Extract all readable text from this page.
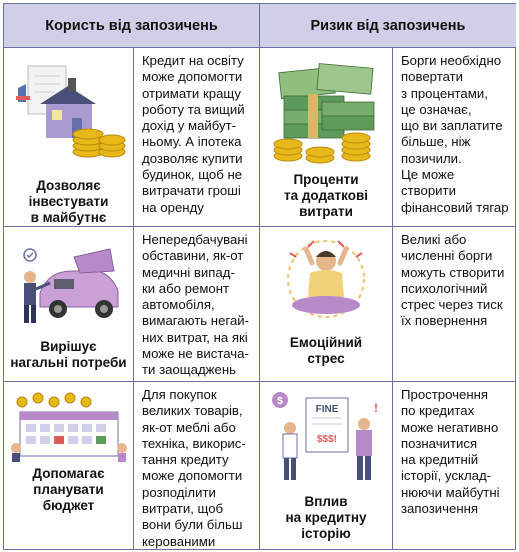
Користь від запозичень	Ризик від запозичень
Дозволяє
інвестувати
в майбутнє
Кредит на освіту
може допомогти
отримати кращу
роботу та вищий
дохід у майбут-
ньому. А іпотека
дозволяє купити
будинок, щоб не
витрачати гроші
на оренду
Проценти
та додаткові
витрати
Борги необхідно
повертати
з процентами,
це означає,
що ви заплатите
більше, ніж
позичили.
Це може створити
фінансовий тягар
Вирішує
нагальні потреби
Непередбачувані
обставини, як-от
медичні випад-
ки або ремонт
автомобіля,
вимагають негай-
них витрат, на які
може не вистача-
ти заощаджень
Емоційний
стрес
Великі або
численні борги
можуть створити
психологічний
стрес через тиск
їх повернення
Допомагає
планувати
бюджет
Для покупок
великих товарів,
як-от меблі або
техніка, викорис-
тання кредиту
може допомогти
розподілити
витрати, щоб
вони були більш
керованими
$
FINE
$$$!
!
Вплив
на кредитну
історію
Прострочення
по кредитах
може негативно
позначитися
на кредитній
історії, усклад-
нюючи майбутні
запозичення
